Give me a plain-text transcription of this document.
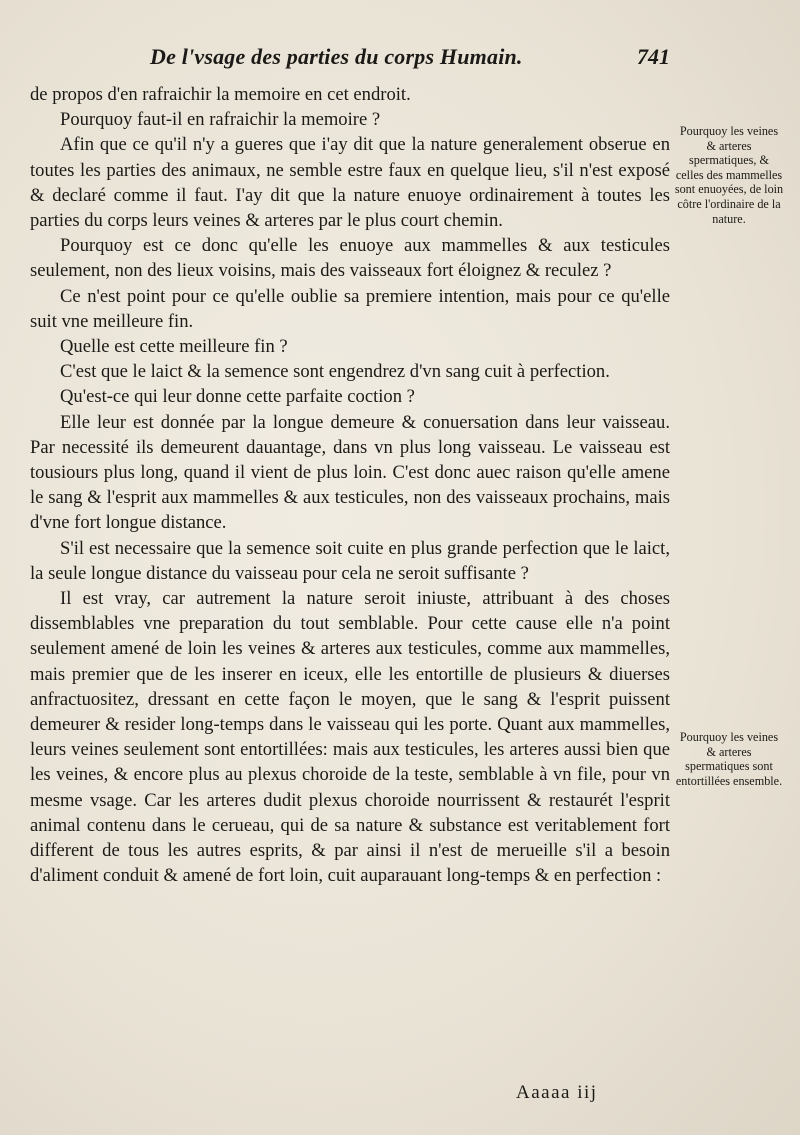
De l'vsage des parties du corps Humain.	741

de propos d'en rafraichir la memoire en cet endroit.

Pourquoy faut-il en rafraichir la memoire ?

Afin que ce qu'il n'y a gueres que i'ay dit que la nature generalement obserue en toutes les parties des animaux, ne semble estre faux en quelque lieu, s'il n'est exposé & declaré comme il faut. I'ay dit que la nature enuoye ordinairement à toutes les parties du corps leurs veines & arteres par le plus court chemin.

Pourquoy est ce donc qu'elle les enuoye aux mammelles & aux testicules seulement, non des lieux voisins, mais des vaisseaux fort éloignez & reculez ?

Ce n'est point pour ce qu'elle oublie sa premiere intention, mais pour ce qu'elle suit vne meilleure fin.

Quelle est cette meilleure fin ?

C'est que le laict & la semence sont engendrez d'vn sang cuit à perfection.

Qu'est-ce qui leur donne cette parfaite coction ?

Elle leur est donnée par la longue demeure & conuersation dans leur vaisseau. Par necessité ils demeurent dauantage, dans vn plus long vaisseau. Le vaisseau est tousiours plus long, quand il vient de plus loin. C'est donc auec raison qu'elle amene le sang & l'esprit aux mammelles & aux testicules, non des vaisseaux prochains, mais d'vne fort longue distance.

S'il est necessaire que la semence soit cuite en plus grande perfection que le laict, la seule longue distance du vaisseau pour cela ne seroit suffisante ?

Il est vray, car autrement la nature seroit iniuste, attribuant à des choses dissemblables vne preparation du tout semblable. Pour cette cause elle n'a point seulement amené de loin les veines & arteres aux testicules, comme aux mammelles, mais premier que de les inserer en iceux, elle les entortille de plusieurs & diuerses anfractuositez, dressant en cette façon le moyen, que le sang & l'esprit puissent demeurer & resider long-temps dans le vaisseau qui les porte. Quant aux mammelles, leurs veines seulement sont entortillées: mais aux testicules, les arteres aussi bien que les veines, & encore plus au plexus choroide de la teste, semblable à vn file, pour vn mesme vsage. Car les arteres dudit plexus choroide nourrissent & restaurét l'esprit animal contenu dans le cerueau, qui de sa nature & substance est veritablement fort different de tous les autres esprits, & par ainsi il n'est de merueille s'il a besoin d'aliment conduit & amené de fort loin, cuit auparauant long-temps & en perfection :

Pourquoy les veines & arteres spermatiques, & celles des mammelles sont enuoyées, de loin côtre l'ordinaire de la nature.
Pourquoy les veines & arteres spermatiques sont entortillées ensemble.
Aaaaa iij
